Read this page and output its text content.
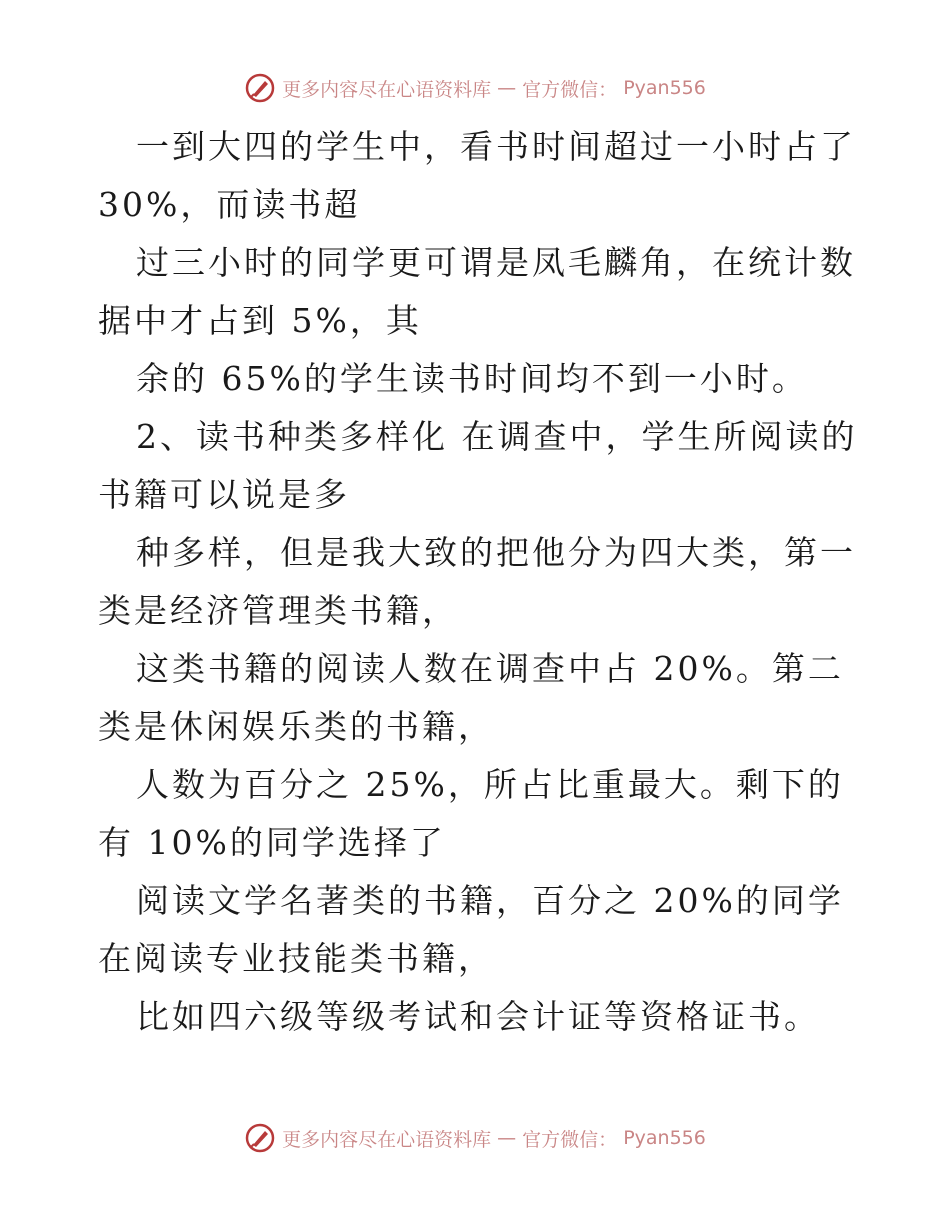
更多内容尽在心语资料库 — 官方微信： Pyan556

一到大四的学生中，看书时间超过一小时占了 30%，而读书超

过三小时的同学更可谓是凤毛麟角，在统计数据中才占到 5%，其

余的 65%的学生读书时间均不到一小时。

2、读书种类多样化 在调查中，学生所阅读的书籍可以说是多

种多样，但是我大致的把他分为四大类，第一类是经济管理类书籍，

这类书籍的阅读人数在调查中占 20%。第二类是休闲娱乐类的书籍，

人数为百分之 25%，所占比重最大。剩下的有 10%的同学选择了

阅读文学名著类的书籍，百分之 20%的同学在阅读专业技能类书籍，

比如四六级等级考试和会计证等资格证书。

更多内容尽在心语资料库 — 官方微信： Pyan556
